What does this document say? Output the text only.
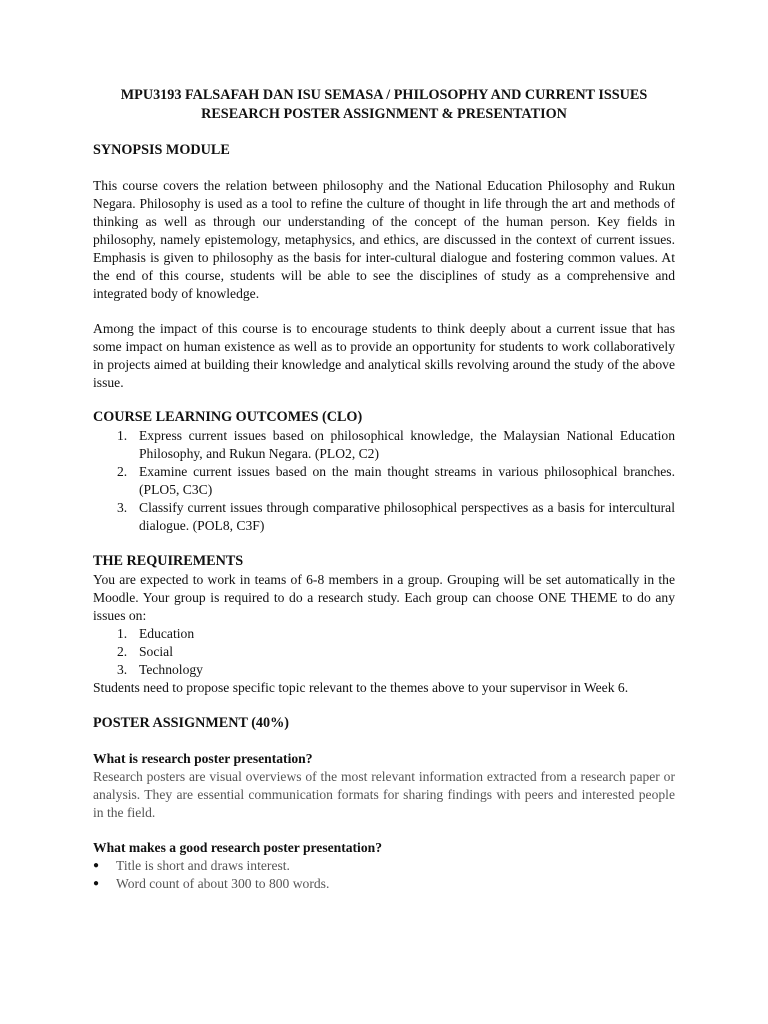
MPU3193 FALSAFAH DAN ISU SEMASA / PHILOSOPHY AND CURRENT ISSUES

RESEARCH POSTER ASSIGNMENT & PRESENTATION

SYNOPSIS MODULE

This course covers the relation between philosophy and the National Education Philosophy and Rukun Negara. Philosophy is used as a tool to refine the culture of thought in life through the art and methods of thinking as well as through our understanding of the concept of the human person. Key fields in philosophy, namely epistemology, metaphysics, and ethics, are discussed in the context of current issues. Emphasis is given to philosophy as the basis for inter-cultural dialogue and fostering common values. At the end of this course, students will be able to see the disciplines of study as a comprehensive and integrated body of knowledge.

Among the impact of this course is to encourage students to think deeply about a current issue that has some impact on human existence as well as to provide an opportunity for students to work collaboratively in projects aimed at building their knowledge and analytical skills revolving around the study of the above issue.

COURSE LEARNING OUTCOMES (CLO)
1. Express current issues based on philosophical knowledge, the Malaysian National Education Philosophy, and Rukun Negara. (PLO2, C2)
2. Examine current issues based on the main thought streams in various philosophical branches. (PLO5, C3C)
3. Classify current issues through comparative philosophical perspectives as a basis for intercultural dialogue. (POL8, C3F)
THE REQUIREMENTS

You are expected to work in teams of 6-8 members in a group. Grouping will be set automatically in the Moodle. Your group is required to do a research study. Each group can choose ONE THEME to do any issues on:

1. Education
2. Social
3. Technology

Students need to propose specific topic relevant to the themes above to your supervisor in Week 6.

POSTER ASSIGNMENT (40%)
What is research poster presentation?

Research posters are visual overviews of the most relevant information extracted from a research paper or analysis. They are essential communication formats for sharing findings with peers and interested people in the field.

What makes a good research poster presentation?
● Title is short and draws interest.
● Word count of about 300 to 800 words.
